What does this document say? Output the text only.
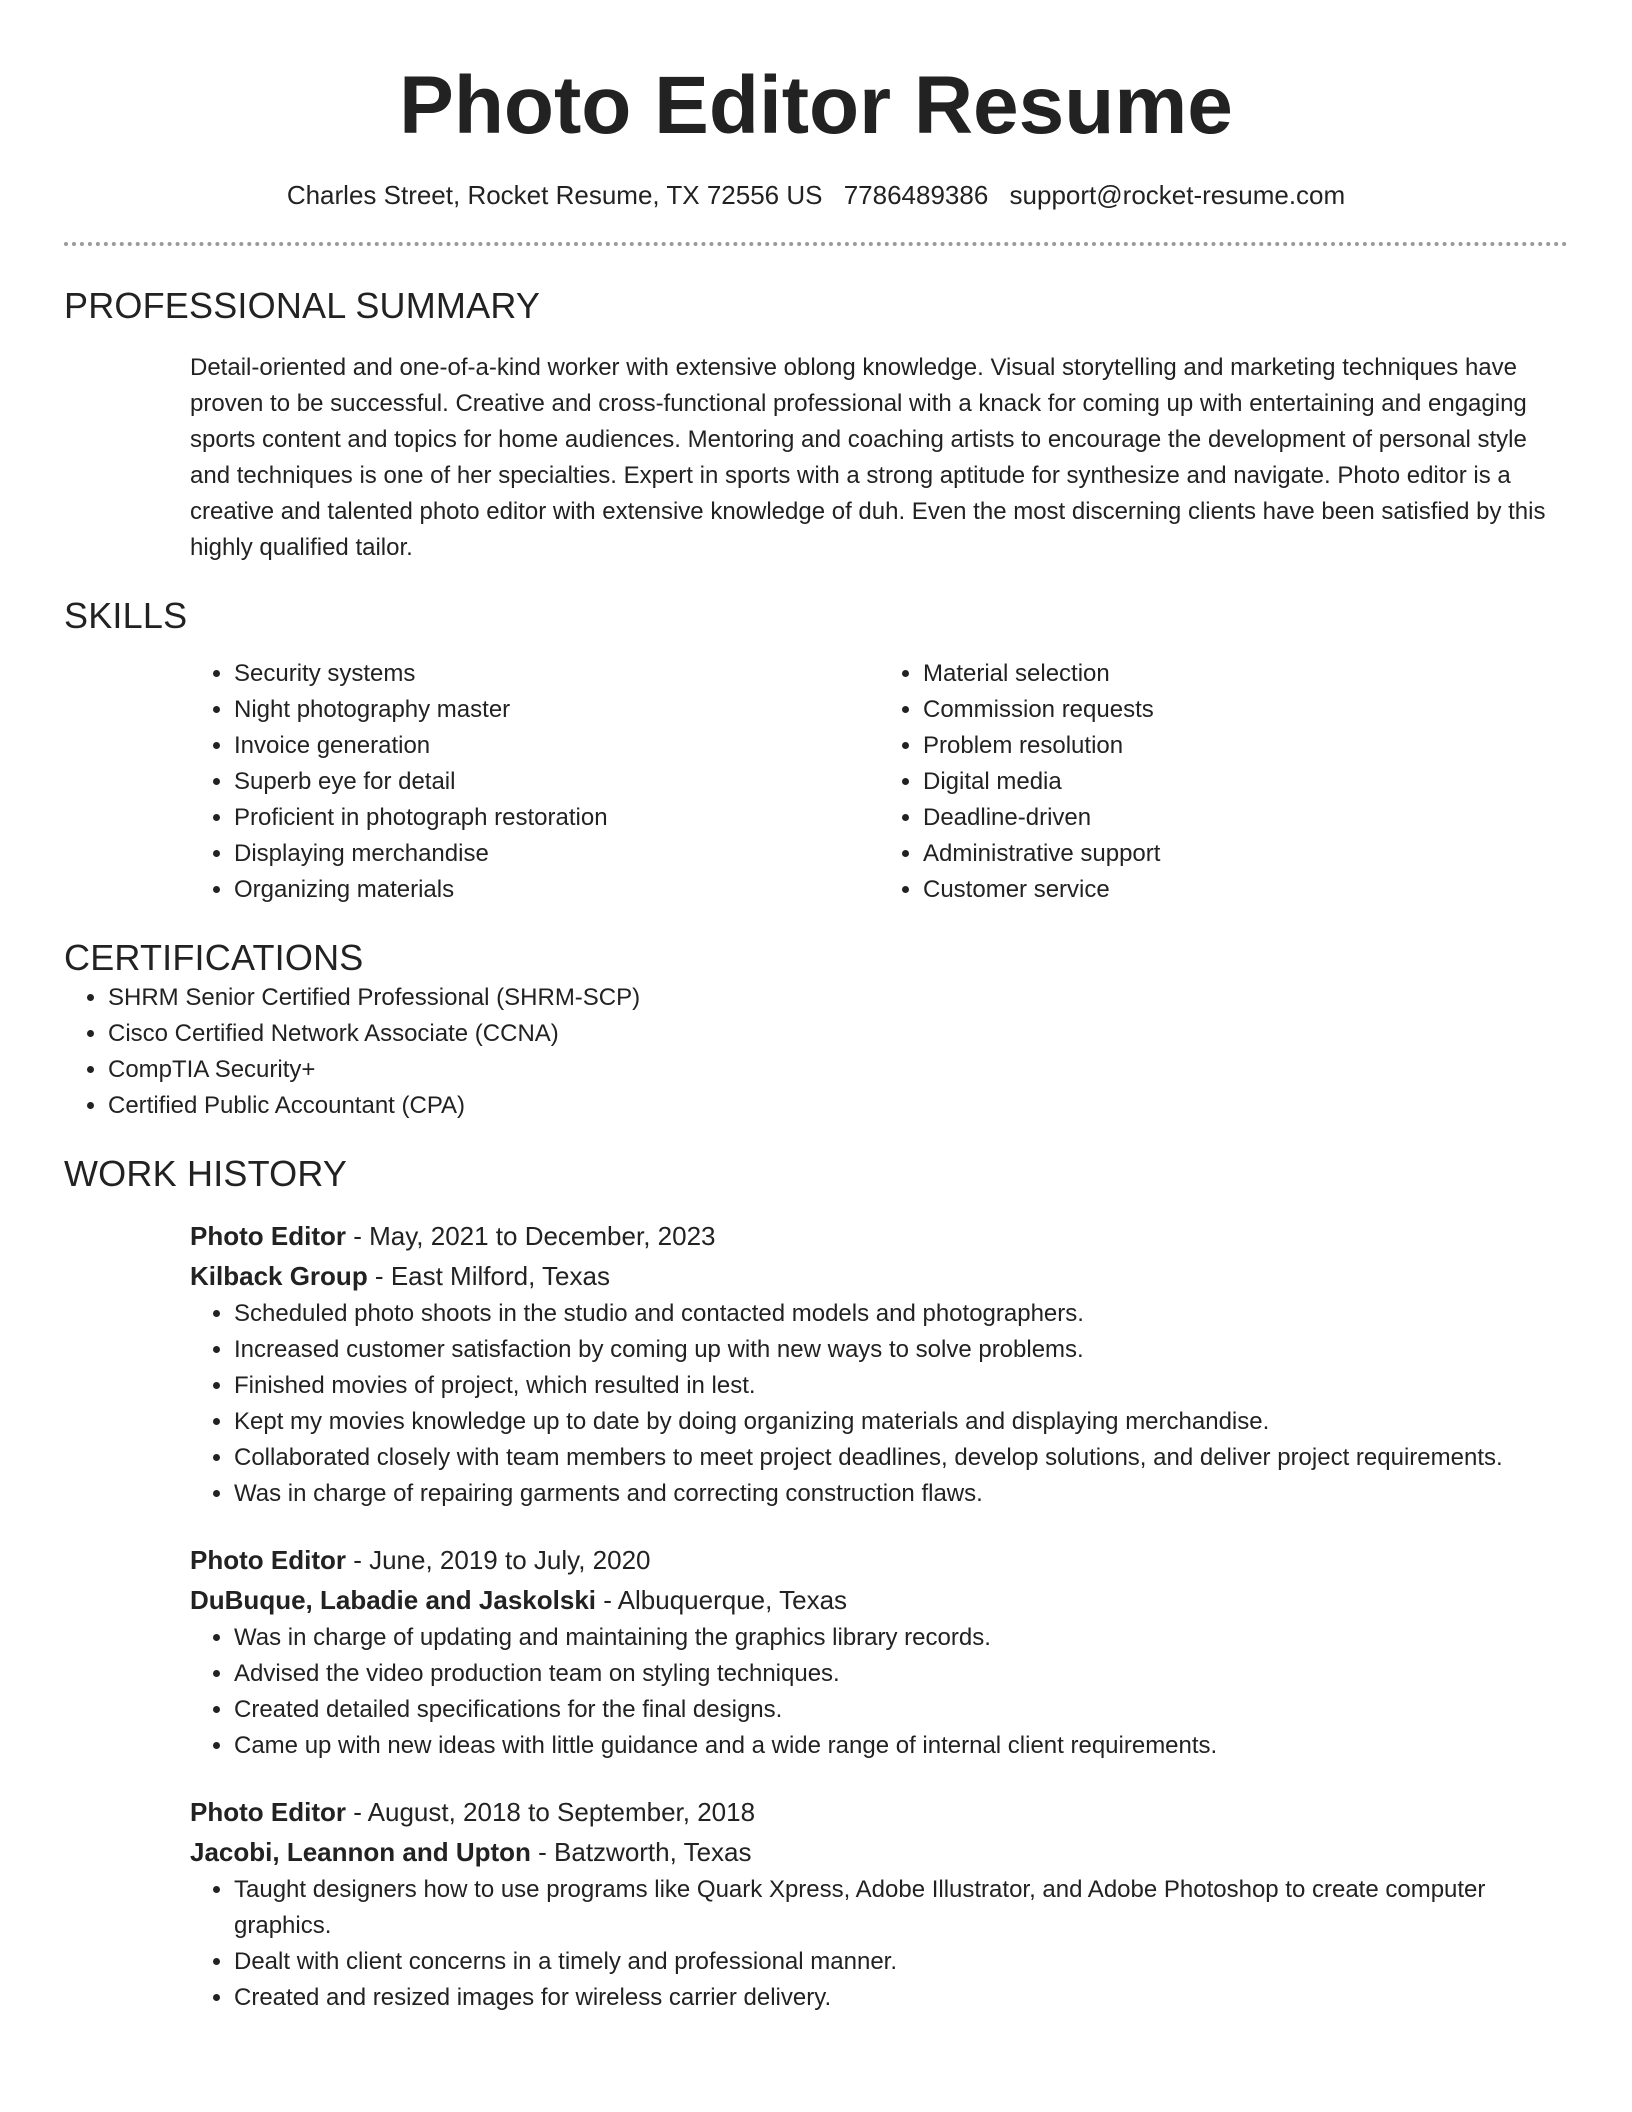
Photo Editor Resume
Charles Street, Rocket Resume, TX 72556 US 7786489386 support@rocket-resume.com
PROFESSIONAL SUMMARY

Detail-oriented and one-of-a-kind worker with extensive oblong knowledge. Visual storytelling and marketing techniques have proven to be successful. Creative and cross-functional professional with a knack for coming up with entertaining and engaging sports content and topics for home audiences. Mentoring and coaching artists to encourage the development of personal style and techniques is one of her specialties. Expert in sports with a strong aptitude for synthesize and navigate. Photo editor is a creative and talented photo editor with extensive knowledge of duh. Even the most discerning clients have been satisfied by this highly qualified tailor.

SKILLS
• Security systems
• Night photography master
• Invoice generation
• Superb eye for detail
• Proficient in photograph restoration
• Displaying merchandise
• Organizing materials
• Material selection
• Commission requests
• Problem resolution
• Digital media
• Deadline-driven
• Administrative support
• Customer service
CERTIFICATIONS
• SHRM Senior Certified Professional (SHRM-SCP)
• Cisco Certified Network Associate (CCNA)
• CompTIA Security+
• Certified Public Accountant (CPA)
WORK HISTORY
Photo Editor - May, 2021 to December, 2023
Kilback Group - East Milford, Texas
• Scheduled photo shoots in the studio and contacted models and photographers.
• Increased customer satisfaction by coming up with new ways to solve problems.
• Finished movies of project, which resulted in lest.
• Kept my movies knowledge up to date by doing organizing materials and displaying merchandise.
• Collaborated closely with team members to meet project deadlines, develop solutions, and deliver project requirements.
• Was in charge of repairing garments and correcting construction flaws.
Photo Editor - June, 2019 to July, 2020
DuBuque, Labadie and Jaskolski - Albuquerque, Texas
• Was in charge of updating and maintaining the graphics library records.
• Advised the video production team on styling techniques.
• Created detailed specifications for the final designs.
• Came up with new ideas with little guidance and a wide range of internal client requirements.
Photo Editor - August, 2018 to September, 2018
Jacobi, Leannon and Upton - Batzworth, Texas
• Taught designers how to use programs like Quark Xpress, Adobe Illustrator, and Adobe Photoshop to create computer graphics.
• Dealt with client concerns in a timely and professional manner.
• Created and resized images for wireless carrier delivery.
